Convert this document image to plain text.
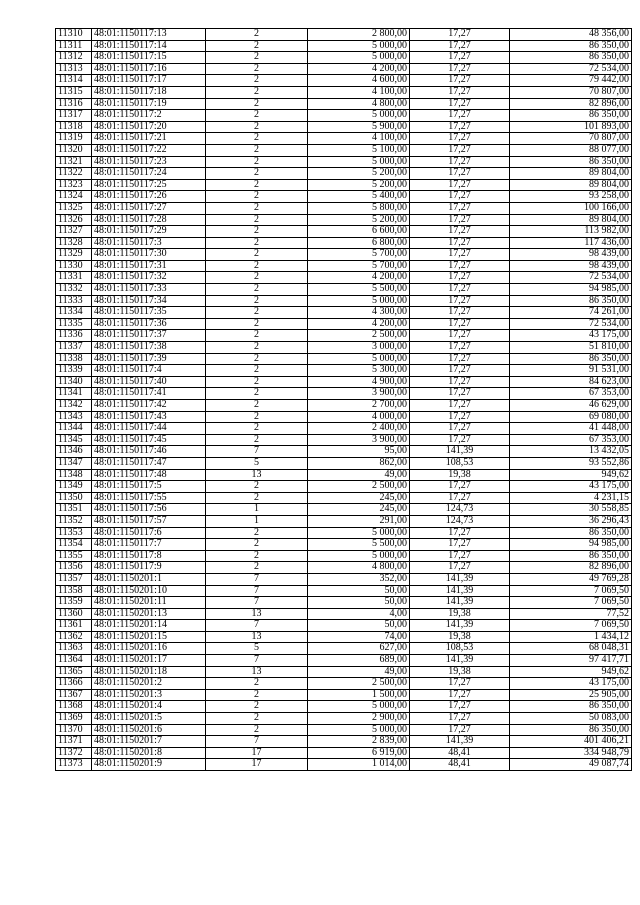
11310	48:01:1150117:13	2	2 800,00	17,27	48 356,00
11311	48:01:1150117:14	2	5 000,00	17,27	86 350,00
11312	48:01:1150117:15	2	5 000,00	17,27	86 350,00
11313	48:01:1150117:16	2	4 200,00	17,27	72 534,00
11314	48:01:1150117:17	2	4 600,00	17,27	79 442,00
11315	48:01:1150117:18	2	4 100,00	17,27	70 807,00
11316	48:01:1150117:19	2	4 800,00	17,27	82 896,00
11317	48:01:1150117:2	2	5 000,00	17,27	86 350,00
11318	48:01:1150117:20	2	5 900,00	17,27	101 893,00
11319	48:01:1150117:21	2	4 100,00	17,27	70 807,00
11320	48:01:1150117:22	2	5 100,00	17,27	88 077,00
11321	48:01:1150117:23	2	5 000,00	17,27	86 350,00
11322	48:01:1150117:24	2	5 200,00	17,27	89 804,00
11323	48:01:1150117:25	2	5 200,00	17,27	89 804,00
11324	48:01:1150117:26	2	5 400,00	17,27	93 258,00
11325	48:01:1150117:27	2	5 800,00	17,27	100 166,00
11326	48:01:1150117:28	2	5 200,00	17,27	89 804,00
11327	48:01:1150117:29	2	6 600,00	17,27	113 982,00
11328	48:01:1150117:3	2	6 800,00	17,27	117 436,00
11329	48:01:1150117:30	2	5 700,00	17,27	98 439,00
11330	48:01:1150117:31	2	5 700,00	17,27	98 439,00
11331	48:01:1150117:32	2	4 200,00	17,27	72 534,00
11332	48:01:1150117:33	2	5 500,00	17,27	94 985,00
11333	48:01:1150117:34	2	5 000,00	17,27	86 350,00
11334	48:01:1150117:35	2	4 300,00	17,27	74 261,00
11335	48:01:1150117:36	2	4 200,00	17,27	72 534,00
11336	48:01:1150117:37	2	2 500,00	17,27	43 175,00
11337	48:01:1150117:38	2	3 000,00	17,27	51 810,00
11338	48:01:1150117:39	2	5 000,00	17,27	86 350,00
11339	48:01:1150117:4	2	5 300,00	17,27	91 531,00
11340	48:01:1150117:40	2	4 900,00	17,27	84 623,00
11341	48:01:1150117:41	2	3 900,00	17,27	67 353,00
11342	48:01:1150117:42	2	2 700,00	17,27	46 629,00
11343	48:01:1150117:43	2	4 000,00	17,27	69 080,00
11344	48:01:1150117:44	2	2 400,00	17,27	41 448,00
11345	48:01:1150117:45	2	3 900,00	17,27	67 353,00
11346	48:01:1150117:46	7	95,00	141,39	13 432,05
11347	48:01:1150117:47	5	862,00	108,53	93 552,86
11348	48:01:1150117:48	13	49,00	19,38	949,62
11349	48:01:1150117:5	2	2 500,00	17,27	43 175,00
11350	48:01:1150117:55	2	245,00	17,27	4 231,15
11351	48:01:1150117:56	1	245,00	124,73	30 558,85
11352	48:01:1150117:57	1	291,00	124,73	36 296,43
11353	48:01:1150117:6	2	5 000,00	17,27	86 350,00
11354	48:01:1150117:7	2	5 500,00	17,27	94 985,00
11355	48:01:1150117:8	2	5 000,00	17,27	86 350,00
11356	48:01:1150117:9	2	4 800,00	17,27	82 896,00
11357	48:01:1150201:1	7	352,00	141,39	49 769,28
11358	48:01:1150201:10	7	50,00	141,39	7 069,50
11359	48:01:1150201:11	7	50,00	141,39	7 069,50
11360	48:01:1150201:13	13	4,00	19,38	77,52
11361	48:01:1150201:14	7	50,00	141,39	7 069,50
11362	48:01:1150201:15	13	74,00	19,38	1 434,12
11363	48:01:1150201:16	5	627,00	108,53	68 048,31
11364	48:01:1150201:17	7	689,00	141,39	97 417,71
11365	48:01:1150201:18	13	49,00	19,38	949,62
11366	48:01:1150201:2	2	2 500,00	17,27	43 175,00
11367	48:01:1150201:3	2	1 500,00	17,27	25 905,00
11368	48:01:1150201:4	2	5 000,00	17,27	86 350,00
11369	48:01:1150201:5	2	2 900,00	17,27	50 083,00
11370	48:01:1150201:6	2	5 000,00	17,27	86 350,00
11371	48:01:1150201:7	7	2 839,00	141,39	401 406,21
11372	48:01:1150201:8	17	6 919,00	48,41	334 948,79
11373	48:01:1150201:9	17	1 014,00	48,41	49 087,74
